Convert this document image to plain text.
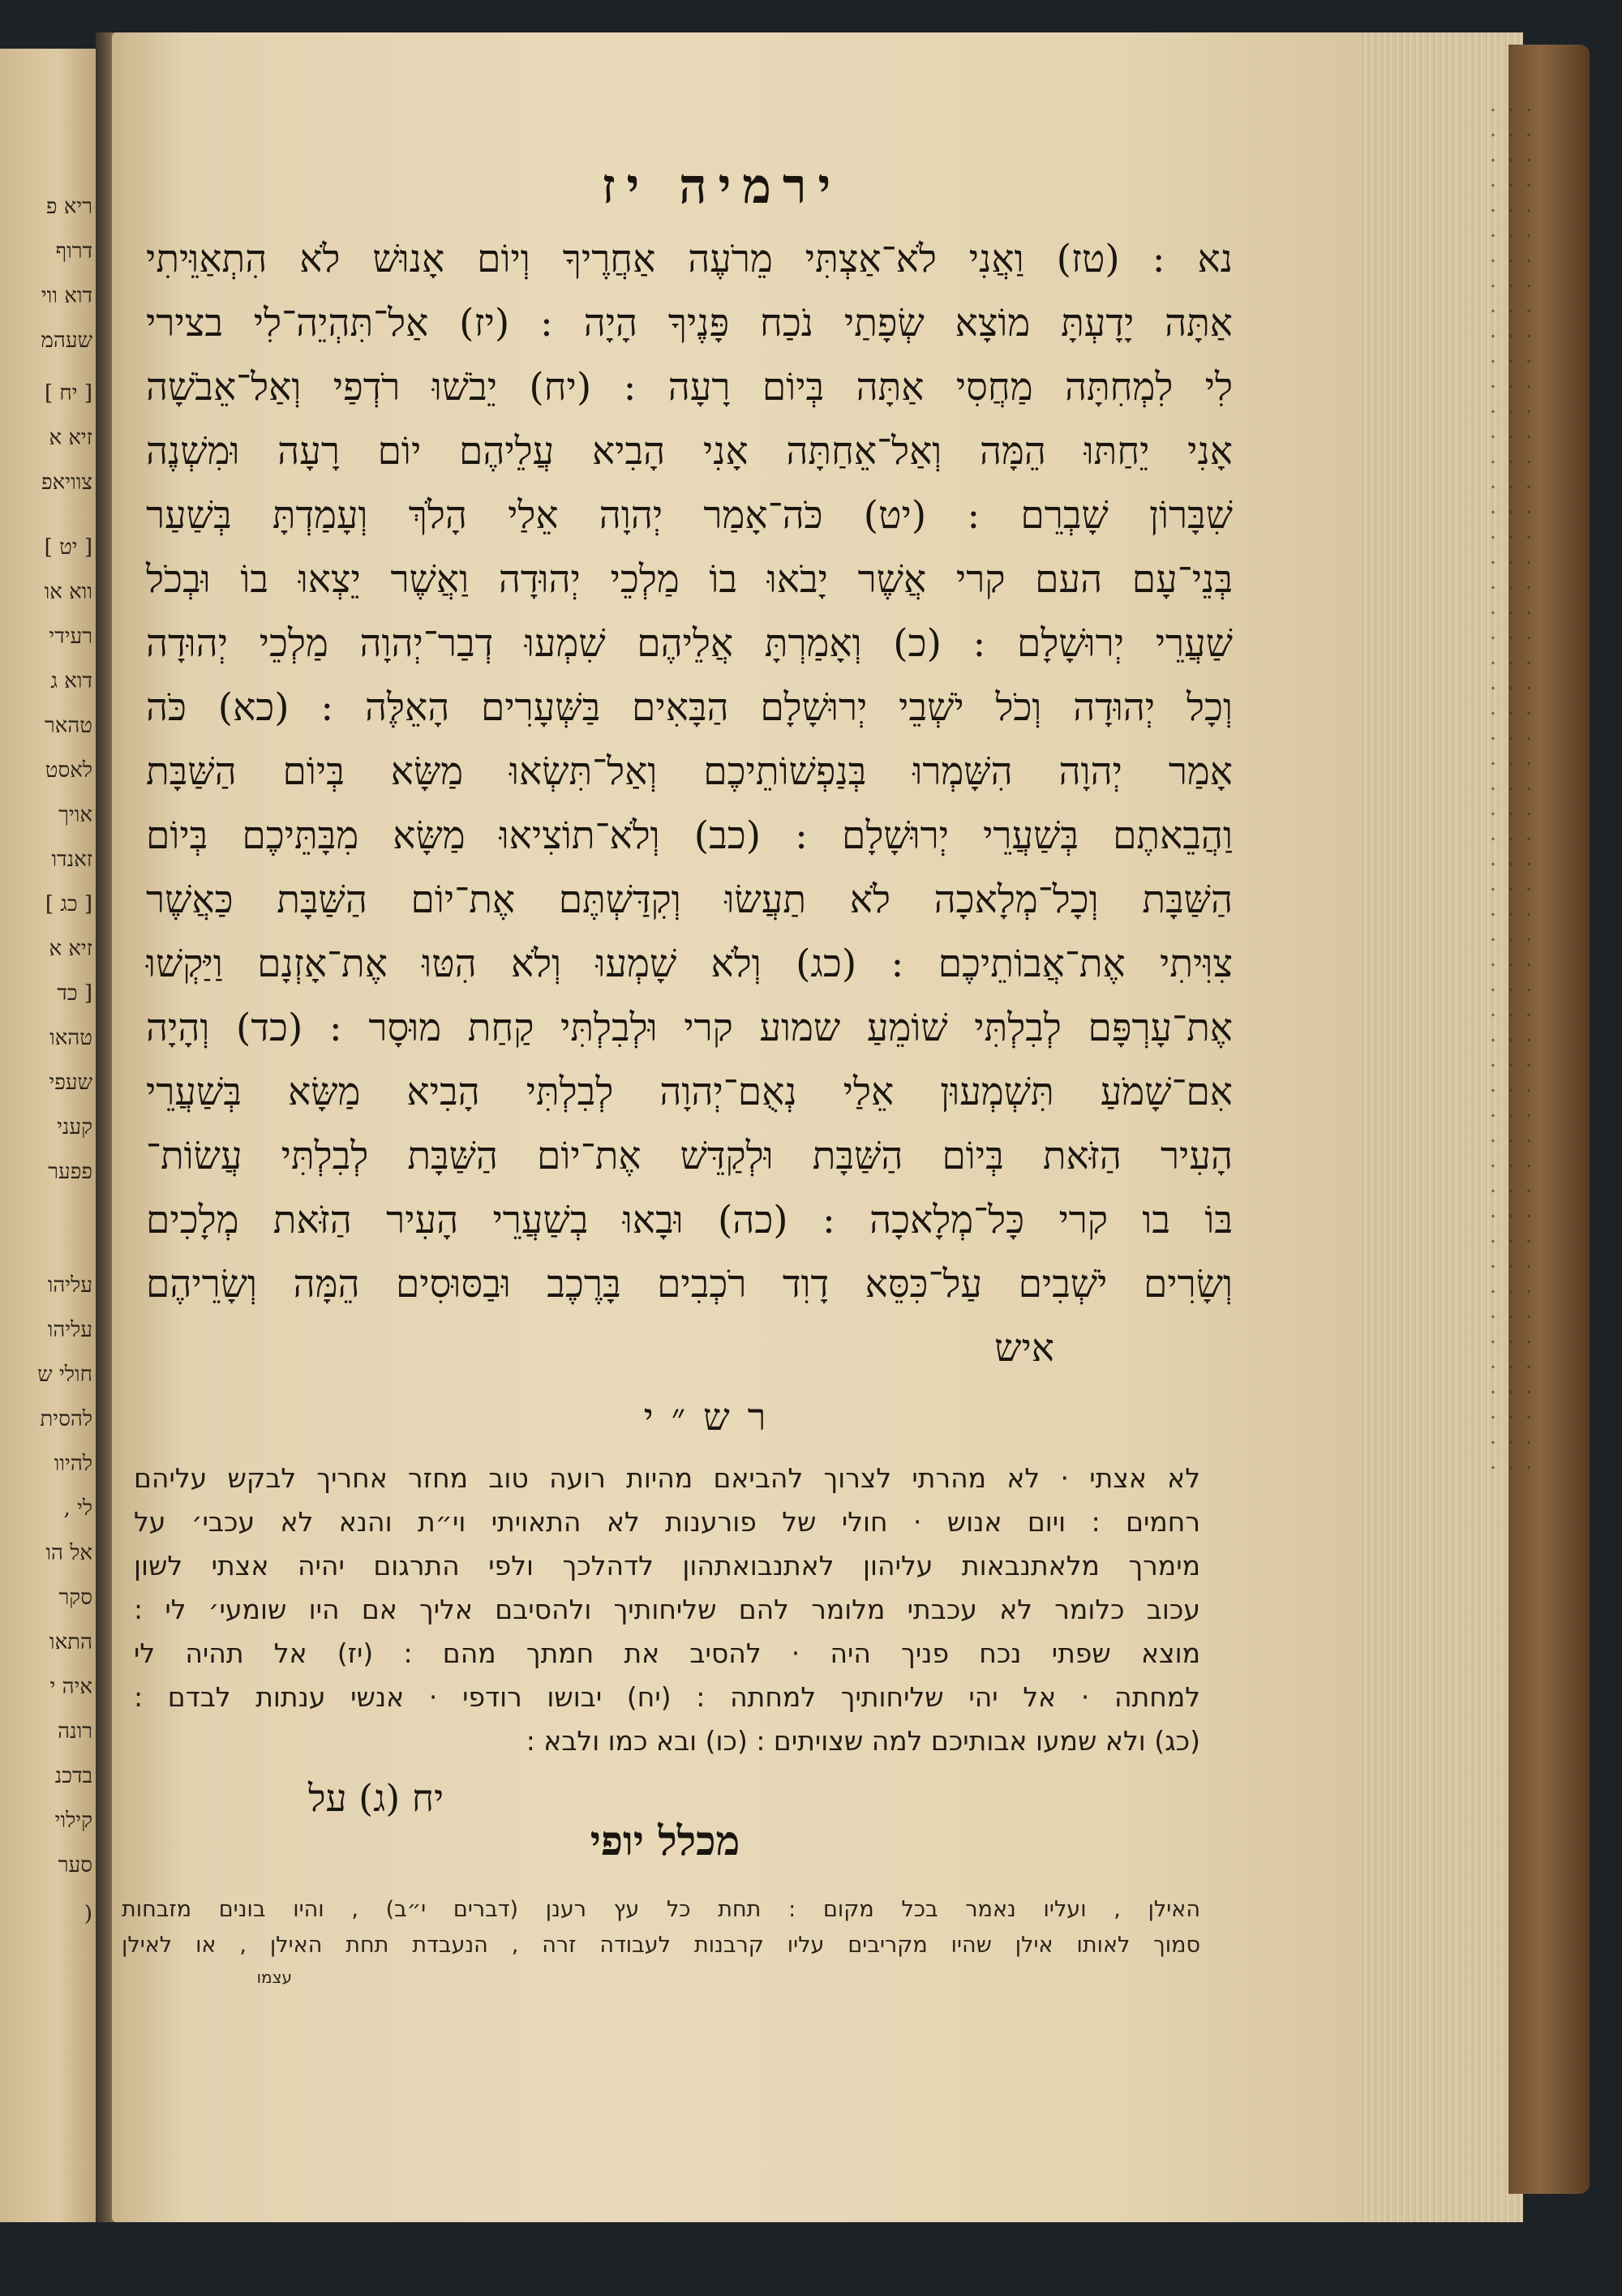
ריא פ
דרוף
דוא ווי
שעהמ
[ יח ]
זיא א
צוויאפ
[ יט ]
ווא או
רעידי
דוא ג
טהאר
לאסט
אויך
זאנדו
[ כג ]
זיא א
[ כד
טהאו
שעפי
קעני
פפער
עליהו
עליהו
חולי ש
להסית
להיוו
לי ,
אל הו
סקר
התאו
איה י
רונה
בדכנ
קילוי
סער
(
ירמיה יז
נא : (טז) וַאֲנִי לֹא־אַצְתִּי מֵרֹעֶה אַחֲרֶיךָ וְיוֹם אָנוּשׁ לֹא הִתְאַוֵּיתִי
אַתָּה יָדָעְתָּ מוֹצָא שְׂפָתַי נֹכַח פָּנֶיךָ הָיָה : (יז) אַל־תִּהְיֵה־לִי בצירי
לִי לִמְחִתָּה מַחֲסִי אַתָּה בְּיוֹם רָעָה : (יח) יֵבֹשׁוּ רֹדְפַי וְאַל־אֵבֹשָׁה
אָנִי יֵחַתּוּ הֵמָּה וְאַל־אֵחַתָּה אָנִי הָבִיא עֲלֵיהֶם יוֹם רָעָה וּמִשְׁנֶה
שִׁבָּרוֹן שָׁבְרֵם : (יט) כֹּה־אָמַר יְהוָה אֵלַי הָלֹךְ וְעָמַדְתָּ בְּשַׁעַר
בְּנֵי־עָם העם קרי אֲשֶׁר יָבֹאוּ בוֹ מַלְכֵי יְהוּדָה וַאֲשֶׁר יֵצְאוּ בוֹ וּבְכֹל
שַׁעֲרֵי יְרוּשָׁלָם : (כ) וְאָמַרְתָּ אֲלֵיהֶם שִׁמְעוּ דְבַר־יְהוָה מַלְכֵי יְהוּדָה
וְכָל יְהוּדָה וְכֹל יֹשְׁבֵי יְרוּשָׁלָם הַבָּאִים בַּשְּׁעָרִים הָאֵלֶּה : (כא) כֹּה
אָמַר יְהוָה הִשָּׁמְרוּ בְּנַפְשׁוֹתֵיכֶם וְאַל־תִּשְׂאוּ מַשָּׂא בְּיוֹם הַשַּׁבָּת
וַהֲבֵאתֶם בְּשַׁעֲרֵי יְרוּשָׁלָם : (כב) וְלֹא־תוֹצִיאוּ מַשָּׂא מִבָּתֵּיכֶם בְּיוֹם
הַשַּׁבָּת וְכָל־מְלָאכָה לֹא תַעֲשׂוּ וְקִדַּשְׁתֶּם אֶת־יוֹם הַשַּׁבָּת כַּאֲשֶׁר
צִוִּיתִי אֶת־אֲבוֹתֵיכֶם : (כג) וְלֹא שָׁמְעוּ וְלֹא הִטּוּ אֶת־אָזְנָם וַיַּקְשׁוּ
אֶת־עָרְפָּם לְבִלְתִּי שׁוֹמֵעַ שמוע קרי וּלְבִלְתִּי קַחַת מוּסָר : (כד) וְהָיָה
אִם־שָׁמֹעַ תִּשְׁמְעוּן אֵלַי נְאֻם־יְהוָה לְבִלְתִּי הָבִיא מַשָּׂא בְּשַׁעֲרֵי
הָעִיר הַזֹּאת בְּיוֹם הַשַּׁבָּת וּלְקַדֵּשׁ אֶת־יוֹם הַשַּׁבָּת לְבִלְתִּי עֲשׂוֹת־
בּוֹ בו קרי כָּל־מְלָאכָה : (כה) וּבָאוּ בְשַׁעֲרֵי הָעִיר הַזֹּאת מְלָכִים
וְשָׂרִים יֹשְׁבִים עַל־כִּסֵּא דָוִד רֹכְבִים בָּרֶכֶב וּבַסּוּסִים הֵמָּה וְשָׂרֵיהֶם
איש
רש״י
לא אצתי · לא מהרתי לצרוך להביאם מהיות רועה טוב מחזר אחריך לבקש עליהם
רחמים : ויום אנוש · חולי של פורענות לא התאויתי וי״ת והנא לא עכבי׳ על
מימרך מלאתנבאות עליהון לאתנבואתהון לדהלכך ולפי התרגום יהיה אצתי לשון
עכוב כלומר לא עכבתי מלומר להם שליחותיך ולהסיבם אליך אם היו שומעי׳ לי :
מוצא שפתי נכח פניך היה · להסיב את חמתך מהם : (יז) אל תהיה לי
למחתה · אל יהי שליחותיך למחתה : (יח) יבושו רודפי · אנשי ענתות לבדם :
(כג) ולא שמעו אבותיכם למה שצויתים : (כו) ובא כמו ולבא :
יח (ג) על
מכלל יופי
האילן , ועליו נאמר בכל מקום : תחת כל עץ רענן (דברים י״ב) , והיו בונים מזבחות
סמוך לאותו אילן שהיו מקריבים עליו קרבנות לעבודה זרה , הנעבדת תחת האילן , או לאילן
עצמו
